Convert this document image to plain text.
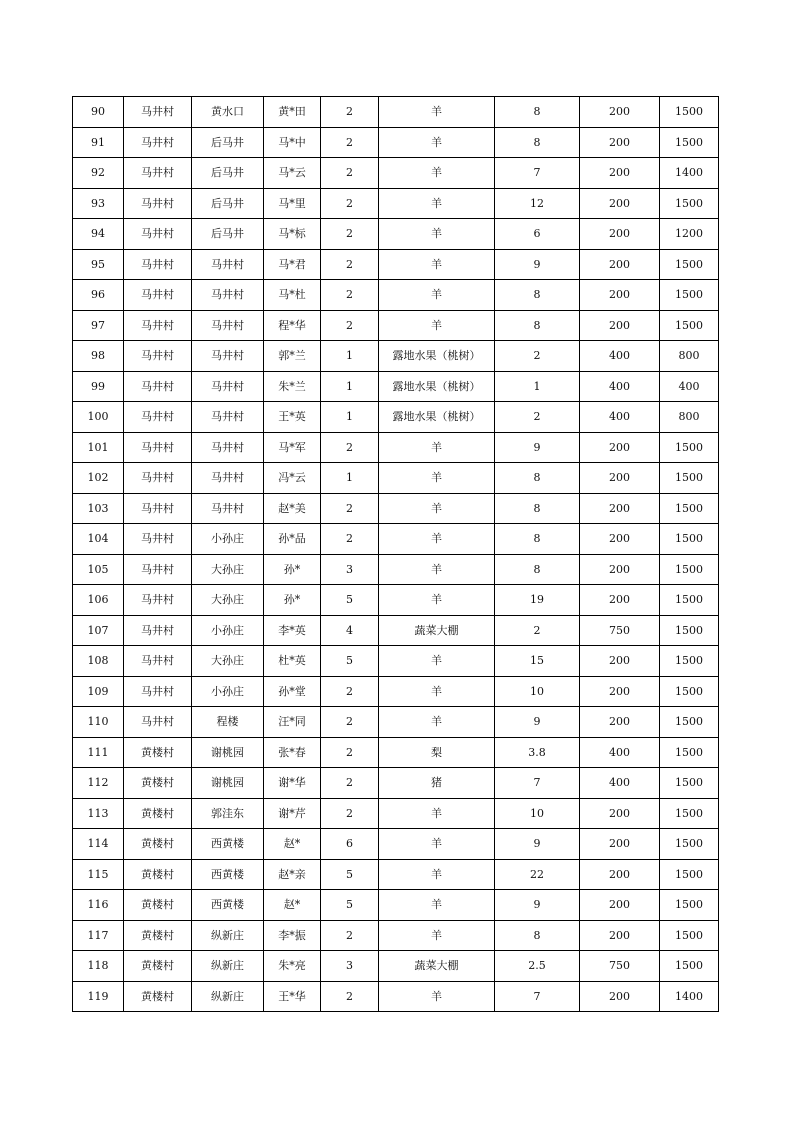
90	马井村	黄水口	黄*田	2	羊	8	200	1500
91	马井村	后马井	马*中	2	羊	8	200	1500
92	马井村	后马井	马*云	2	羊	7	200	1400
93	马井村	后马井	马*里	2	羊	12	200	1500
94	马井村	后马井	马*标	2	羊	6	200	1200
95	马井村	马井村	马*君	2	羊	9	200	1500
96	马井村	马井村	马*杜	2	羊	8	200	1500
97	马井村	马井村	程*华	2	羊	8	200	1500
98	马井村	马井村	郭*兰	1	露地水果（桃树）	2	400	800
99	马井村	马井村	朱*兰	1	露地水果（桃树）	1	400	400
100	马井村	马井村	王*英	1	露地水果（桃树）	2	400	800
101	马井村	马井村	马*军	2	羊	9	200	1500
102	马井村	马井村	冯*云	1	羊	8	200	1500
103	马井村	马井村	赵*美	2	羊	8	200	1500
104	马井村	小孙庄	孙*品	2	羊	8	200	1500
105	马井村	大孙庄	孙*	3	羊	8	200	1500
106	马井村	大孙庄	孙*	5	羊	19	200	1500
107	马井村	小孙庄	李*英	4	蔬菜大棚	2	750	1500
108	马井村	大孙庄	杜*英	5	羊	15	200	1500
109	马井村	小孙庄	孙*堂	2	羊	10	200	1500
110	马井村	程楼	汪*同	2	羊	9	200	1500
111	黄楼村	谢桃园	张*春	2	梨	3.8	400	1500
112	黄楼村	谢桃园	谢*华	2	猪	7	400	1500
113	黄楼村	郭洼东	谢*芹	2	羊	10	200	1500
114	黄楼村	西黄楼	赵*	6	羊	9	200	1500
115	黄楼村	西黄楼	赵*亲	5	羊	22	200	1500
116	黄楼村	西黄楼	赵*	5	羊	9	200	1500
117	黄楼村	纵新庄	李*振	2	羊	8	200	1500
118	黄楼村	纵新庄	朱*亮	3	蔬菜大棚	2.5	750	1500
119	黄楼村	纵新庄	王*华	2	羊	7	200	1400
